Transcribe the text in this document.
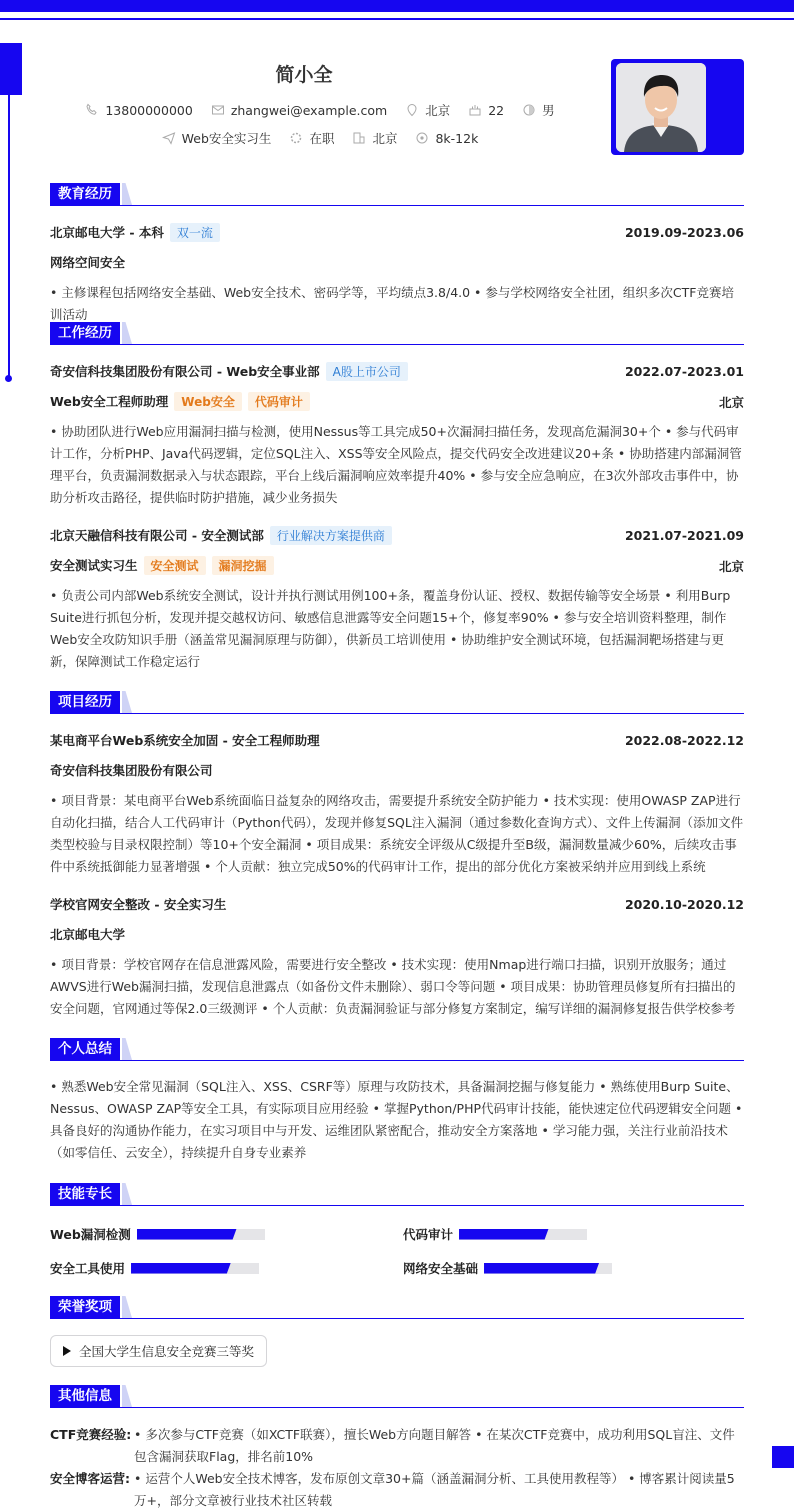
简小全
13800000000	zhangwei@example.com	北京	22	男
Web安全实习生	在职	北京	8k-12k
教育经历
北京邮电大学 - 本科 双一流	2019.09-2023.06
网络空间安全
• 主修课程包括网络安全基础、Web安全技术、密码学等，平均绩点3.8/4.0 • 参与学校网络安全社团，组织多次CTF竞赛培训活动
工作经历
奇安信科技集团股份有限公司 - Web安全事业部 A股上市公司	2022.07-2023.01
Web安全工程师助理 Web安全 代码审计	北京
• 协助团队进行Web应用漏洞扫描与检测，使用Nessus等工具完成50+次漏洞扫描任务，发现高危漏洞30+个 • 参与代码审计工作，分析PHP、Java代码逻辑，定位SQL注入、XSS等安全风险点，提交代码安全改进建议20+条 • 协助搭建内部漏洞管理平台，负责漏洞数据录入与状态跟踪，平台上线后漏洞响应效率提升40% • 参与安全应急响应，在3次外部攻击事件中，协助分析攻击路径，提供临时防护措施，减少业务损失
北京天融信科技有限公司 - 安全测试部 行业解决方案提供商	2021.07-2021.09
安全测试实习生 安全测试 漏洞挖掘	北京
• 负责公司内部Web系统安全测试，设计并执行测试用例100+条，覆盖身份认证、授权、数据传输等安全场景 • 利用Burp Suite进行抓包分析，发现并提交越权访问、敏感信息泄露等安全问题15+个，修复率90% • 参与安全培训资料整理，制作Web安全攻防知识手册（涵盖常见漏洞原理与防御），供新员工培训使用 • 协助维护安全测试环境，包括漏洞靶场搭建与更新，保障测试工作稳定运行
项目经历
某电商平台Web系统安全加固 - 安全工程师助理	2022.08-2022.12
奇安信科技集团股份有限公司
• 项目背景：某电商平台Web系统面临日益复杂的网络攻击，需要提升系统安全防护能力 • 技术实现：使用OWASP ZAP进行自动化扫描，结合人工代码审计（Python代码），发现并修复SQL注入漏洞（通过参数化查询方式）、文件上传漏洞（添加文件类型校验与目录权限控制）等10+个安全漏洞 • 项目成果：系统安全评级从C级提升至B级，漏洞数量减少60%，后续攻击事件中系统抵御能力显著增强 • 个人贡献：独立完成50%的代码审计工作，提出的部分优化方案被采纳并应用到线上系统
学校官网安全整改 - 安全实习生	2020.10-2020.12
北京邮电大学
• 项目背景：学校官网存在信息泄露风险，需要进行安全整改 • 技术实现：使用Nmap进行端口扫描，识别开放服务；通过AWVS进行Web漏洞扫描，发现信息泄露点（如备份文件未删除）、弱口令等问题 • 项目成果：协助管理员修复所有扫描出的安全问题，官网通过等保2.0三级测评 • 个人贡献：负责漏洞验证与部分修复方案制定，编写详细的漏洞修复报告供学校参考
个人总结
• 熟悉Web安全常见漏洞（SQL注入、XSS、CSRF等）原理与攻防技术，具备漏洞挖掘与修复能力 • 熟练使用Burp Suite、Nessus、OWASP ZAP等安全工具，有实际项目应用经验 • 掌握Python/PHP代码审计技能，能快速定位代码逻辑安全问题 • 具备良好的沟通协作能力，在实习项目中与开发、运维团队紧密配合，推动安全方案落地 • 学习能力强，关注行业前沿技术（如零信任、云安全），持续提升自身专业素养
技能专长
Web漏洞检测	代码审计
安全工具使用	网络安全基础
荣誉奖项
全国大学生信息安全竞赛三等奖
其他信息
CTF竞赛经验: • 多次参与CTF竞赛（如XCTF联赛），擅长Web方向题目解答 • 在某次CTF竞赛中，成功利用SQL盲注、文件包含漏洞获取Flag，排名前10%
安全博客运营: • 运营个人Web安全技术博客，发布原创文章30+篇（涵盖漏洞分析、工具使用教程等） • 博客累计阅读量5万+，部分文章被行业技术社区转载
